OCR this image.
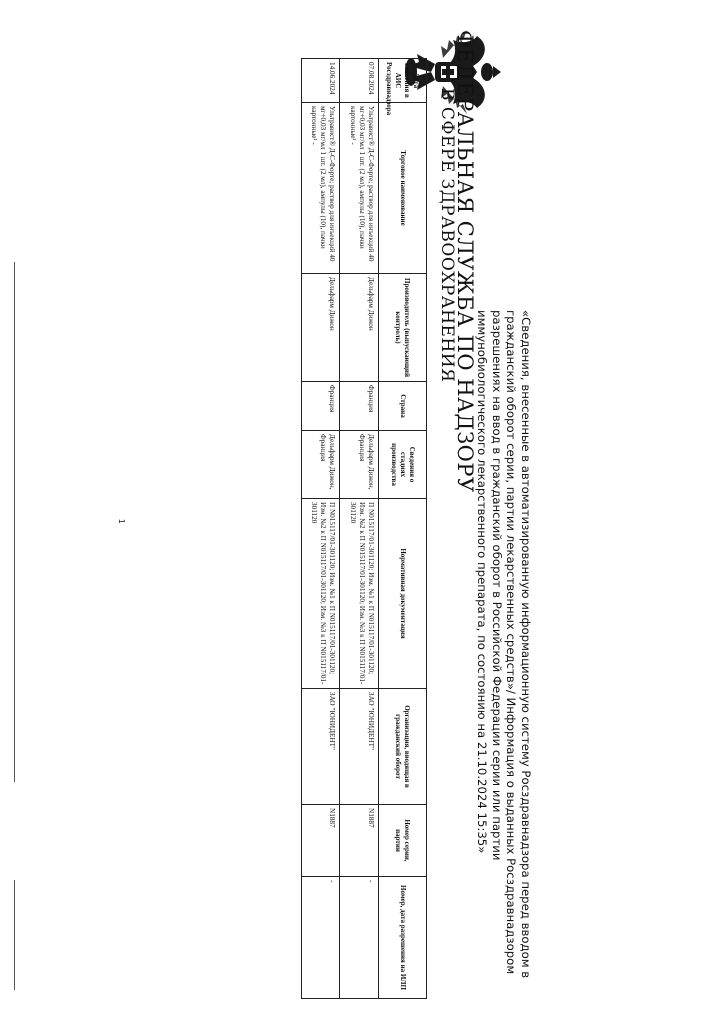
ФЕДЕРАЛЬНАЯ СЛУЖБА ПО НАДЗОРУ
В СФЕРЕ ЗДРАВООХРАНЕНИЯ
«Сведения, внесенные в автоматизированную информационную систему Росздравнадзора перед вводом в гражданский оборот серии, партии лекарственных средств»/ Информация о выданных Росздравнадзором разрешениях на ввод в гражданский оборот в Российской Федерации серии или партии иммунобиологического лекарственного препарата, по состоянию на 21.10.2024 15:35»
Дата внесения в АИС Росздравнадзора	Торговое наименование	Производитель (выпускающий контроль)	Страна	Сведения о стадиях производства	Нормативная документация	Организация, вводящая в гражданский оборот	Номер серии, партии	Номер, дата разрешения на ИЛП
07.08.2024	Ультравист® Д-С-Форте; раствор для инъекций 40 мг+0,03 мг/мл 1 шт. (2 мл), ампулы (10), пачки картонные¹ -	Дельфарм Дижон	Франция	Дельфарм Дижон, Франция	П N015117/01-301120; Изм. №1 к П N015117/01-301120; Изм. №2 к П N015117/01-301120; Изм. №3 к П N015117/01-301120	ЗАО "ЮНИДЕНТ"	N1887	-
14.06.2024	Ультравист® Д-С-Форте; раствор для инъекций 40 мг+0,03 мг/мл 1 шт. (2 мл), ампулы (10), пачки картонные¹ -	Дельфарм Дижон	Франция	Дельфарм Дижон, Франция	П N015117/01-301120; Изм. №1 к П N015117/01-301120; Изм. №2 к П N015117/01-301120; Изм. №3 к П N015117/01-301120	ЗАО "ЮНИДЕНТ"	N1887	-
1
